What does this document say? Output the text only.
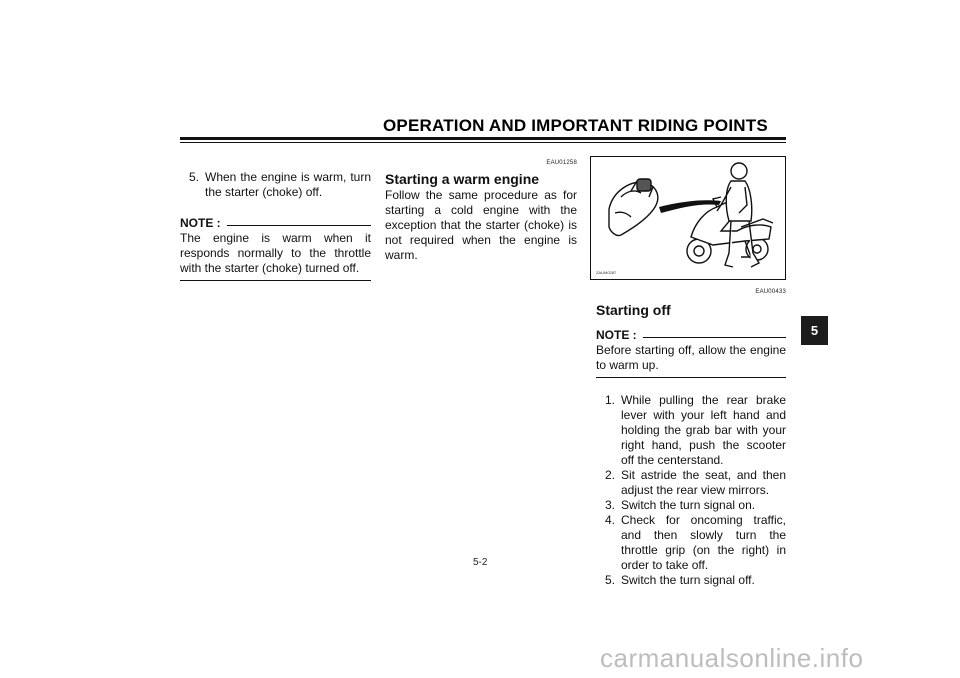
OPERATION AND IMPORTANT RIDING POINTS

5. When the engine is warm, turn the starter (choke) off.

NOTE :
The engine is warm when it responds normally to the throttle with the starter (choke) turned off.
EAU01258
Starting a warm engine
Follow the same procedure as for starting a cold engine with the exception that the starter (choke) is not required when the engine is warm.
ZAUM0287
EAU00433
Starting off
NOTE :
Before starting off, allow the engine to warm up.

1. While pulling the rear brake lever with your left hand and holding the grab bar with your right hand, push the scooter off the centerstand.

2. Sit astride the seat, and then adjust the rear view mirrors.

3. Switch the turn signal on.

4. Check for oncoming traffic, and then slowly turn the throttle grip (on the right) in order to take off.

5. Switch the turn signal off.

5
5-2
carmanualsonline.info
